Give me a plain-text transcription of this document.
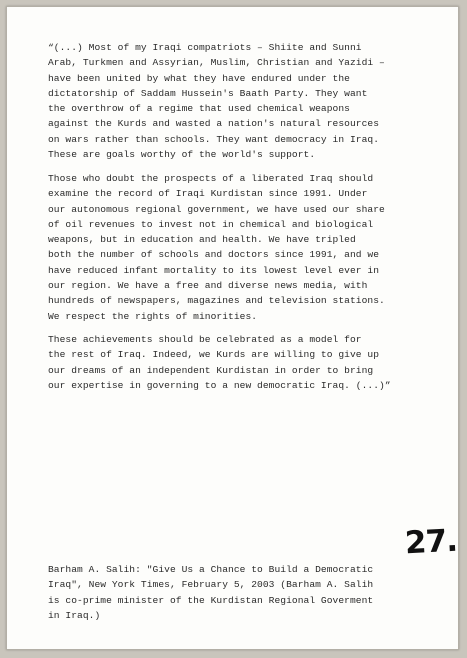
“(...) Most of my Iraqi compatriots – Shiite and Sunni
Arab, Turkmen and Assyrian, Muslim, Christian and Yazidi –
have been united by what they have endured under the
dictatorship of Saddam Hussein's Baath Party. They want
the overthrow of a regime that used chemical weapons
against the Kurds and wasted a nation's natural resources
on wars rather than schools. They want democracy in Iraq.
These are goals worthy of the world's support.

Those who doubt the prospects of a liberated Iraq should
examine the record of Iraqi Kurdistan since 1991. Under
our autonomous regional government, we have used our share
of oil revenues to invest not in chemical and biological
weapons, but in education and health. We have tripled
both the number of schools and doctors since 1991, and we
have reduced infant mortality to its lowest level ever in
our region. We have a free and diverse news media, with
hundreds of newspapers, magazines and television stations.
We respect the rights of minorities.

These achievements should be celebrated as a model for
the rest of Iraq. Indeed, we Kurds are willing to give up
our dreams of an independent Kurdistan in order to bring
our expertise in governing to a new democratic Iraq. (...)”

27.

Barham A. Salih: "Give Us a Chance to Build a Democratic
Iraq", New York Times, February 5, 2003 (Barham A. Salih
is co-prime minister of the Kurdistan Regional Goverment
in Iraq.)
